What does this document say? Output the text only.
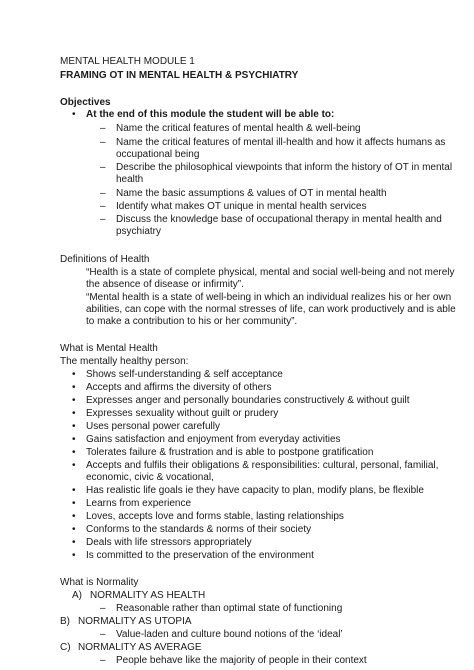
MENTAL HEALTH MODULE 1
FRAMING OT IN MENTAL HEALTH & PSYCHIATRY
Objectives
• At the end of this module the student will be able to:
– Name the critical features of mental health & well-being
– Name the critical features of mental ill-health and how it affects humans as
occupational being
– Describe the philosophical viewpoints that inform the history of OT in mental
health
– Name the basic assumptions & values of OT in mental health
– Identify what makes OT unique in mental health services
– Discuss the knowledge base of occupational therapy in mental health and
psychiatry
Definitions of Health
“Health is a state of complete physical, mental and social well-being and not merely
the absence of disease or infirmity”.
“Mental health is a state of well-being in which an individual realizes his or her own
abilities, can cope with the normal stresses of life, can work productively and is able
to make a contribution to his or her community”.
What is Mental Health
The mentally healthy person:
• Shows self-understanding & self acceptance
• Accepts and affirms the diversity of others
• Expresses anger and personally boundaries constructively & without guilt
• Expresses sexuality without guilt or prudery
• Uses personal power carefully
• Gains satisfaction and enjoyment from everyday activities
• Tolerates failure & frustration and is able to postpone gratification
• Accepts and fulfils their obligations & responsibilities: cultural, personal, familial,
economic, civic & vocational,
• Has realistic life goals ie they have capacity to plan, modify plans, be flexible
• Learns from experience
• Loves, accepts love and forms stable, lasting relationships
• Conforms to the standards & norms of their society
• Deals with life stressors appropriately
• Is committed to the preservation of the environment
What is Normality
A) NORMALITY AS HEALTH
– Reasonable rather than optimal state of functioning
B) NORMALITY AS UTOPIA
– Value-laden and culture bound notions of the ‘ideal’
C) NORMALITY AS AVERAGE
– People behave like the majority of people in their context
